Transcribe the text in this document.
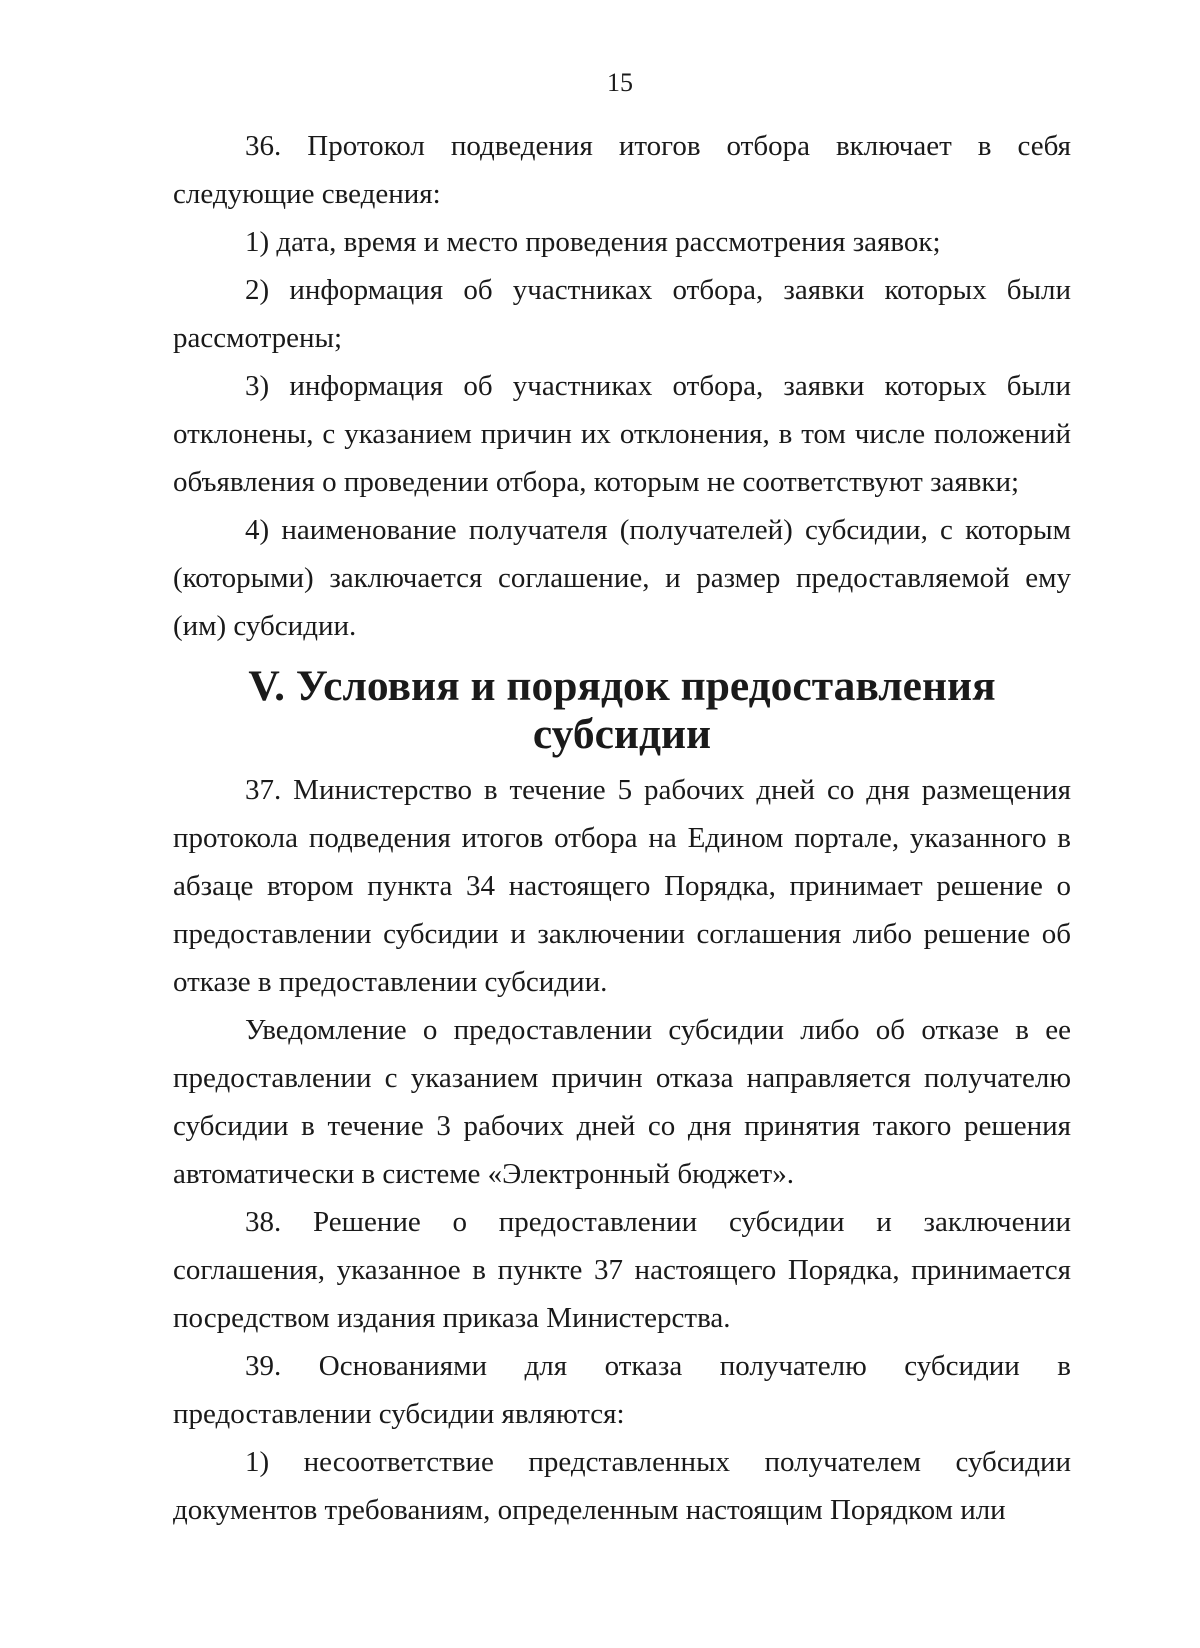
15

36. Протокол подведения итогов отбора включает в себя следующие сведения:

1) дата, время и место проведения рассмотрения заявок;

2) информация об участниках отбора, заявки которых были рассмотрены;

3) информация об участниках отбора, заявки которых были отклонены, с указанием причин их отклонения, в том числе положений объявления о проведении отбора, которым не соответствуют заявки;

4) наименование получателя (получателей) субсидии, с которым (которыми) заключается соглашение, и размер предоставляемой ему (им) субсидии.

V. Условия и порядок предоставления субсидии

37. Министерство в течение 5 рабочих дней со дня размещения протокола подведения итогов отбора на Едином портале, указанного в абзаце втором пункта 34 настоящего Порядка, принимает решение о предоставлении субсидии и заключении соглашения либо решение об отказе в предоставлении субсидии.

Уведомление о предоставлении субсидии либо об отказе в ее предоставлении с указанием причин отказа направляется получателю субсидии в течение 3 рабочих дней со дня принятия такого решения автоматически в системе «Электронный бюджет».

38. Решение о предоставлении субсидии и заключении соглашения, указанное в пункте 37 настоящего Порядка, принимается посредством издания приказа Министерства.

39. Основаниями для отказа получателю субсидии в предоставлении субсидии являются:

1) несоответствие представленных получателем субсидии документов требованиям, определенным настоящим Порядком или
